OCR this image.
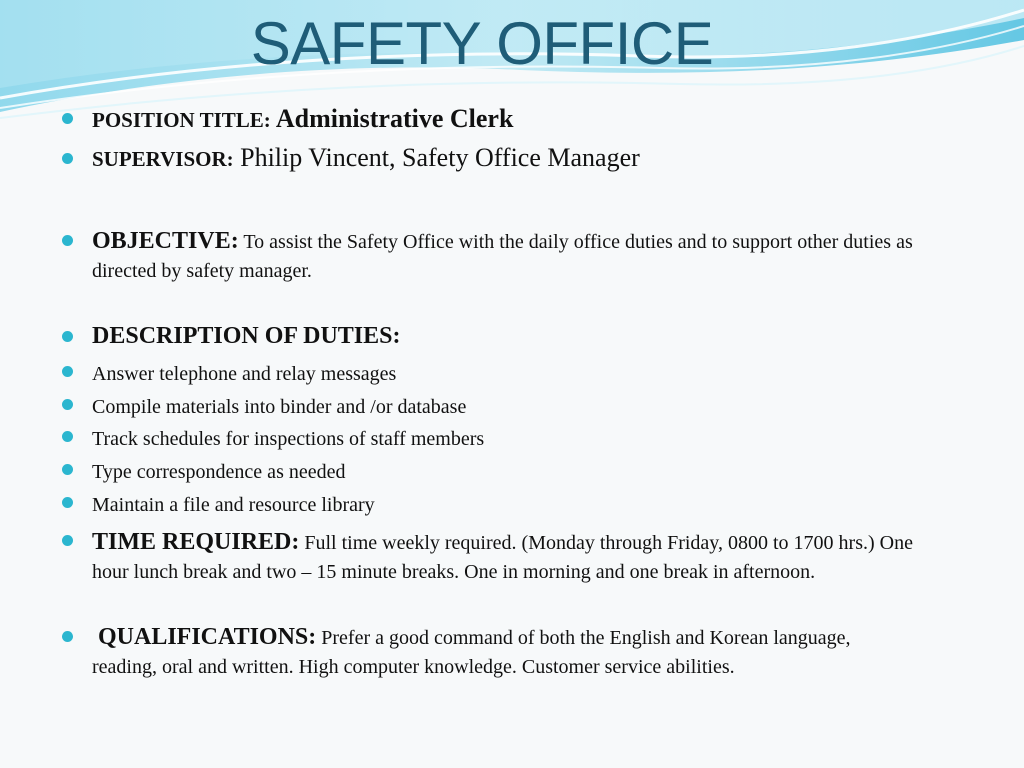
SAFETY OFFICE
POSITION TITLE: Administrative Clerk
SUPERVISOR: Philip Vincent, Safety Office Manager
OBJECTIVE: To assist the Safety Office with the daily office duties and to support other duties as directed by safety manager.
DESCRIPTION OF DUTIES:
Answer telephone and relay messages
Compile materials into binder and /or database
Track schedules for inspections of staff members
Type correspondence as needed
Maintain a file and resource library
TIME REQUIRED: Full time weekly required. (Monday through Friday, 0800 to 1700 hrs.) One hour lunch break and two – 15 minute breaks. One in morning and one break in afternoon.
QUALIFICATIONS: Prefer a good command of both the English and Korean language, reading, oral and written. High computer knowledge. Customer service abilities.
